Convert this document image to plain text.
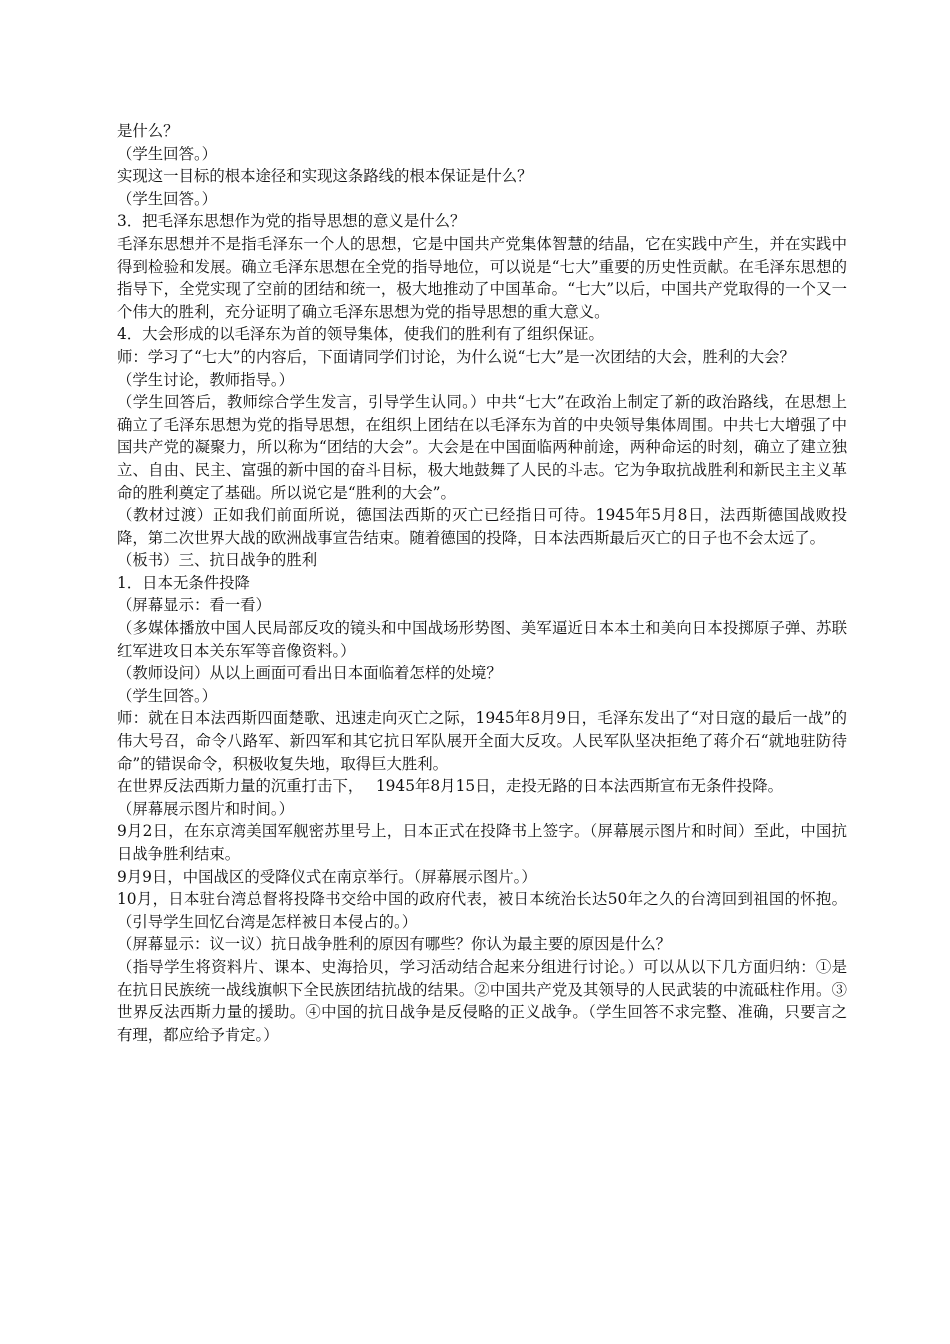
是什么？

（学生回答。）

实现这一目标的根本途径和实现这条路线的根本保证是什么？

（学生回答。）

3．把毛泽东思想作为党的指导思想的意义是什么？

毛泽东思想并不是指毛泽东一个人的思想，它是中国共产党集体智慧的结晶，它在实践中产生，并在实践中得到检验和发展。确立毛泽东思想在全党的指导地位，可以说是“七大”重要的历史性贡献。在毛泽东思想的指导下，全党实现了空前的团结和统一，极大地推动了中国革命。“七大”以后，中国共产党取得的一个又一个伟大的胜利，充分证明了确立毛泽东思想为党的指导思想的重大意义。

4．大会形成的以毛泽东为首的领导集体，使我们的胜利有了组织保证。

师：学习了“七大”的内容后，下面请同学们讨论，为什么说“七大”是一次团结的大会，胜利的大会？

（学生讨论，教师指导。）

（学生回答后，教师综合学生发言，引导学生认同。）中共“七大”在政治上制定了新的政治路线，在思想上确立了毛泽东思想为党的指导思想，在组织上团结在以毛泽东为首的中央领导集体周围。中共七大增强了中国共产党的凝聚力，所以称为“团结的大会”。大会是在中国面临两种前途，两种命运的时刻，确立了建立独立、自由、民主、富强的新中国的奋斗目标，极大地鼓舞了人民的斗志。它为争取抗战胜利和新民主主义革命的胜利奠定了基础。所以说它是“胜利的大会”。

（教材过渡）正如我们前面所说，德国法西斯的灭亡已经指日可待。1945年5月8日，法西斯德国战败投降，第二次世界大战的欧洲战事宣告结束。随着德国的投降，日本法西斯最后灭亡的日子也不会太远了。

（板书）三、抗日战争的胜利

1．日本无条件投降

（屏幕显示：看一看）

（多媒体播放中国人民局部反攻的镜头和中国战场形势图、美军逼近日本本土和美向日本投掷原子弹、苏联红军进攻日本关东军等音像资料。）

（教师设问）从以上画面可看出日本面临着怎样的处境？

（学生回答。）

师：就在日本法西斯四面楚歌、迅速走向灭亡之际，1945年8月9日，毛泽东发出了“对日寇的最后一战”的伟大号召，命令八路军、新四军和其它抗日军队展开全面大反攻。人民军队坚决拒绝了蒋介石“就地驻防待命”的错误命令，积极收复失地，取得巨大胜利。

在世界反法西斯力量的沉重打击下，　 1945年8月15日，走投无路的日本法西斯宣布无条件投降。

（屏幕展示图片和时间。）

9月2日，在东京湾美国军舰密苏里号上，日本正式在投降书上签字。（屏幕展示图片和时间）至此，中国抗日战争胜利结束。

9月9日，中国战区的受降仪式在南京举行。（屏幕展示图片。）

10月，日本驻台湾总督将投降书交给中国的政府代表，被日本统治长达50年之久的台湾回到祖国的怀抱。（引导学生回忆台湾是怎样被日本侵占的。）

（屏幕显示：议一议）抗日战争胜利的原因有哪些？你认为最主要的原因是什么？

（指导学生将资料片、课本、史海拾贝，学习活动结合起来分组进行讨论。）可以从以下几方面归纳：①是在抗日民族统一战线旗帜下全民族团结抗战的结果。②中国共产党及其领导的人民武装的中流砥柱作用。③世界反法西斯力量的援助。④中国的抗日战争是反侵略的正义战争。（学生回答不求完整、准确，只要言之有理，都应给予肯定。）
